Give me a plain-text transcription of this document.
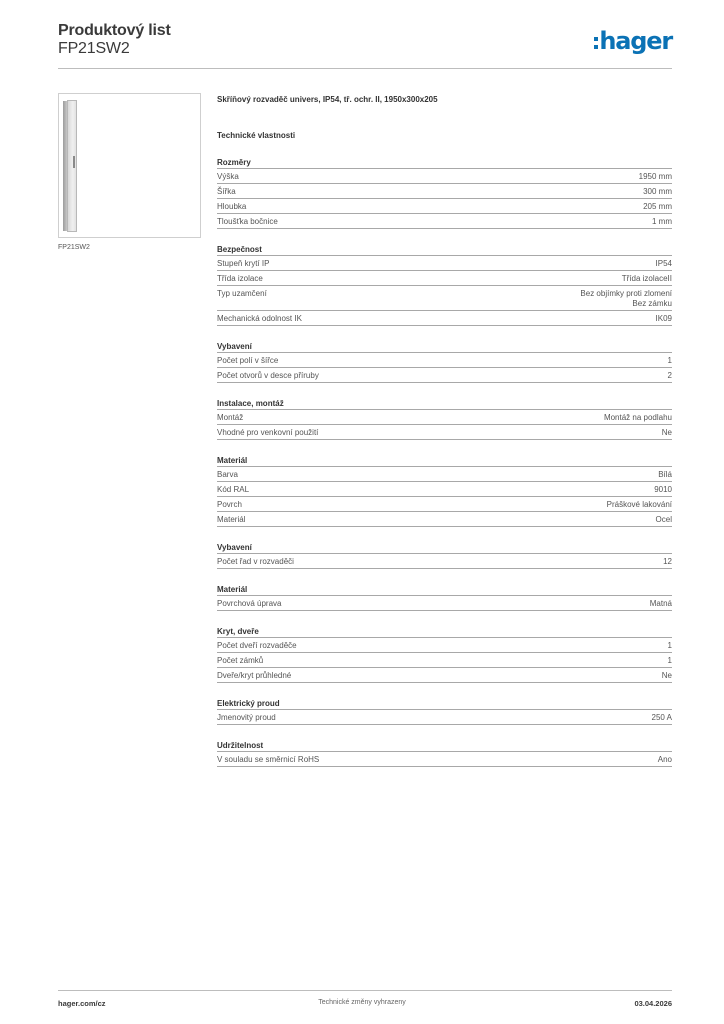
Produktový list
FP21SW2	hager
FP21SW2
Skříňový rozvaděč univers, IP54, tř. ochr. II, 1950x300x205
Technické vlastnosti
Rozměry
Výška	1950 mm
Šířka	300 mm
Hloubka	205 mm
Tloušťka bočnice	1 mm
Bezpečnost
Stupeň krytí IP	IP54
Třída izolace	Třída izolaceII
Typ uzamčení	Bez objímky proti zlomení
Bez zámku
Mechanická odolnost IK	IK09
Vybavení
Počet polí v šířce	1
Počet otvorů v desce příruby	2
Instalace, montáž
Montáž	Montáž na podlahu
Vhodné pro venkovní použití	Ne
Materiál
Barva	Bílá
Kód RAL	9010
Povrch	Práškové lakování
Materiál	Ocel
Vybavení
Počet řad v rozvaděči	12
Materiál
Povrchová úprava	Matná
Kryt, dveře
Počet dveří rozvaděče	1
Počet zámků	1
Dveře/kryt průhledné	Ne
Elektrický proud
Jmenovitý proud	250 A
Udržitelnost
V souladu se směrnicí RoHS	Ano
hager.com/cz	Technické změny vyhrazeny	03.04.2026
